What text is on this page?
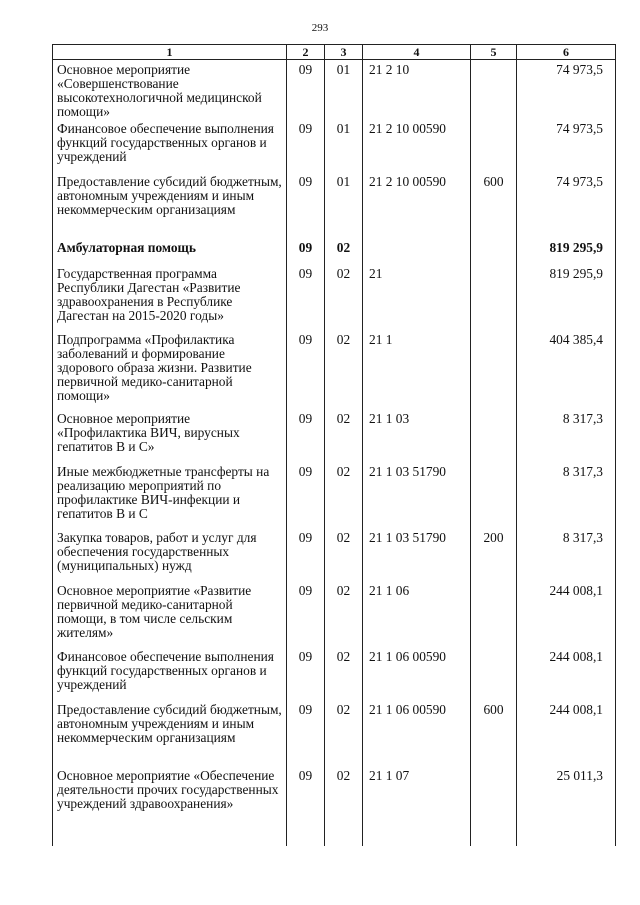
293
1	2	3	4	5	6
Основное мероприятие «Совершенствование высокотехнологичной медицинской помощи»	09	01	21 2 10		74 973,5
Финансовое обеспечение выполнения функций государственных органов и учреждений	09	01	21 2 10 00590		74 973,5
Предоставление субсидий бюджетным, автономным учреждениям и иным некоммерческим организациям	09	01	21 2 10 00590	600	74 973,5
Амбулаторная помощь	09	02			819 295,9
Государственная программа Республики Дагестан «Развитие здравоохранения в Республике Дагестан на 2015-2020 годы»	09	02	21		819 295,9
Подпрограмма «Профилактика заболеваний и формирование здорового образа жизни. Развитие первичной медико-санитарной помощи»	09	02	21 1		404 385,4
Основное мероприятие «Профилактика ВИЧ, вирусных гепатитов В и С»	09	02	21 1 03		8 317,3
Иные межбюджетные трансферты на реализацию мероприятий по профилактике ВИЧ-инфекции и гепатитов В и С	09	02	21 1 03 51790		8 317,3
Закупка товаров, работ и услуг для обеспечения государственных (муниципальных) нужд	09	02	21 1 03 51790	200	8 317,3
Основное мероприятие «Развитие первичной медико-санитарной помощи, в том числе сельским жителям»	09	02	21 1 06		244 008,1
Финансовое обеспечение выполнения функций государственных органов и учреждений	09	02	21 1 06 00590		244 008,1
Предоставление субсидий бюджетным, автономным учреждениям и иным некоммерческим организациям	09	02	21 1 06 00590	600	244 008,1
Основное мероприятие «Обеспечение деятельности прочих государственных учреждений здравоохранения»	09	02	21 1 07		25 011,3
